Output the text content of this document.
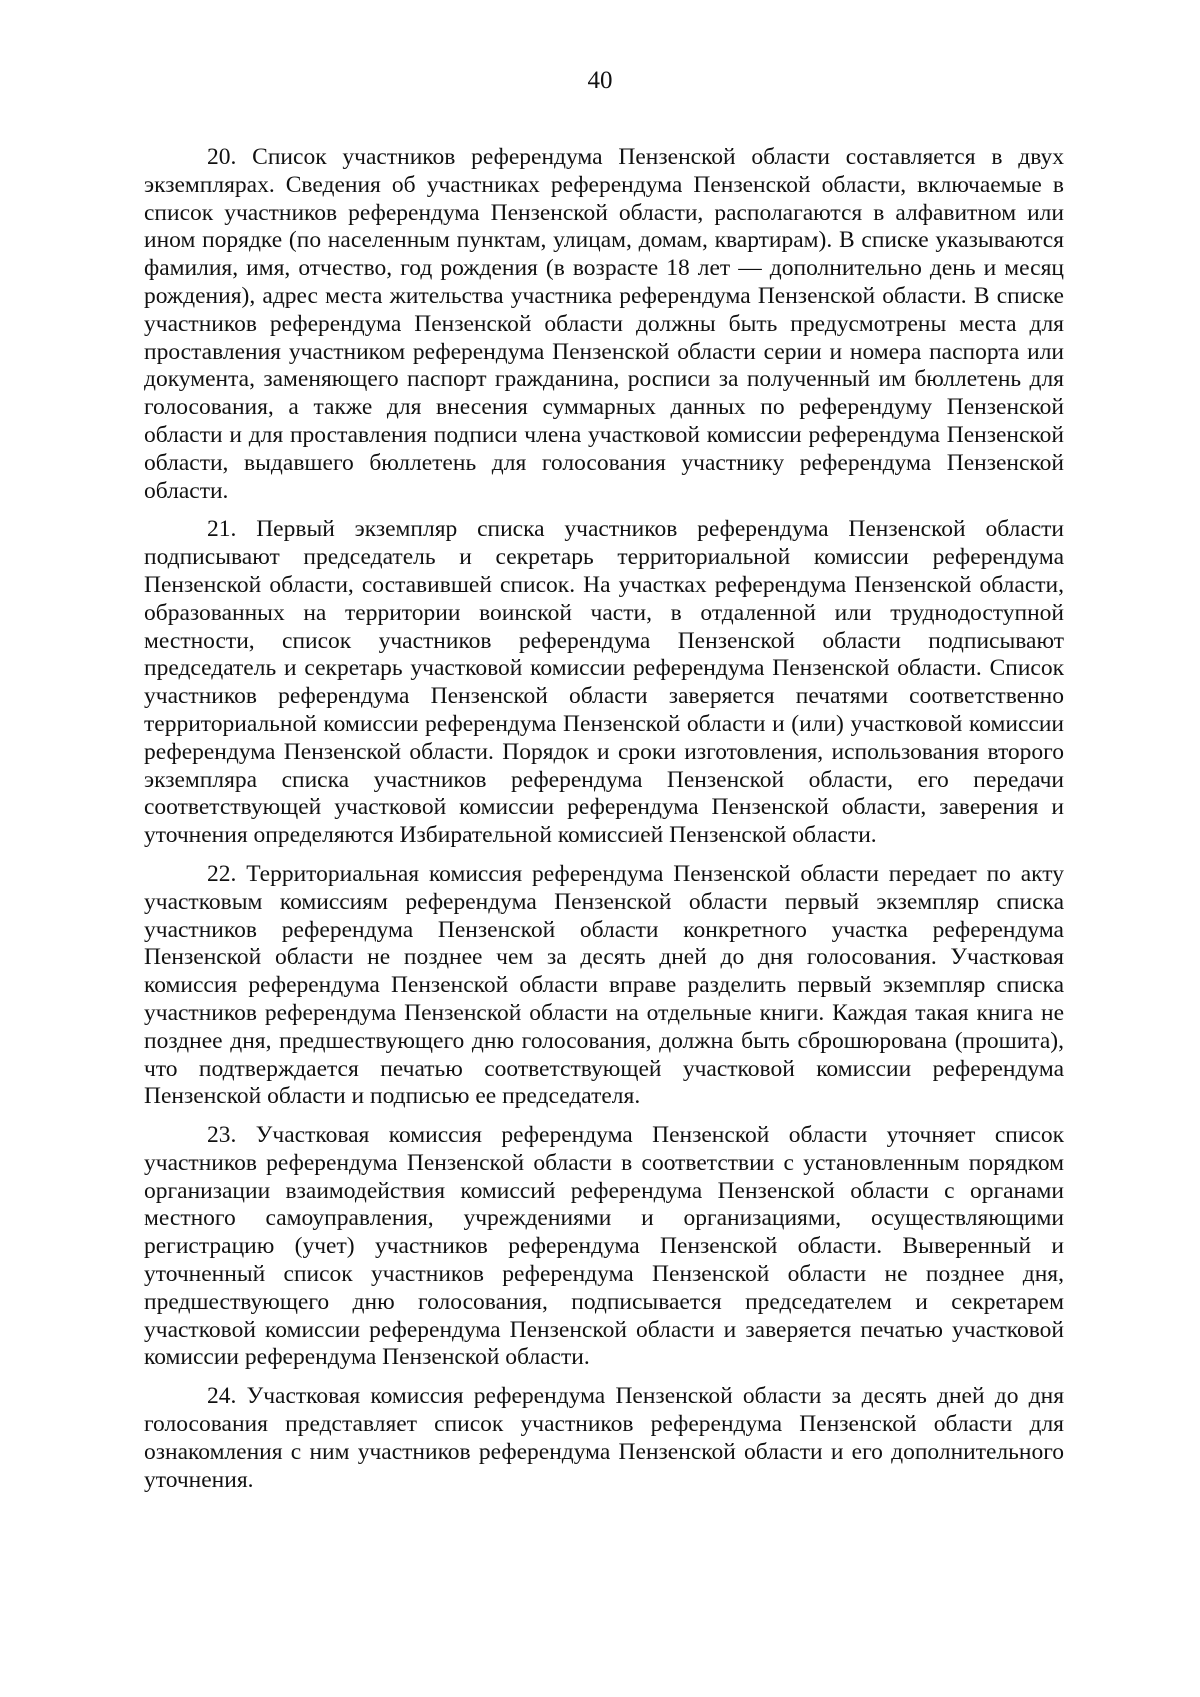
40

20. Список участников референдума Пензенской области составляется в двух экземплярах. Сведения об участниках референдума Пензенской области, включаемые в список участников референдума Пензенской области, располагаются в алфавитном или ином порядке (по населенным пунктам, улицам, домам, квартирам). В списке указываются фамилия, имя, отчество, год рождения (в возрасте 18 лет — дополнительно день и месяц рождения), адрес места жительства участника референдума Пензенской области. В списке участников референдума Пензенской области должны быть предусмотрены места для проставления участником референдума Пензенской области серии и номера паспорта или документа, заменяющего паспорт гражданина, росписи за полученный им бюллетень для голосования, а также для внесения суммарных данных по референдуму Пензенской области и для проставления подписи члена участковой комиссии референдума Пензенской области, выдавшего бюллетень для голосования участнику референдума Пензенской области.

21. Первый экземпляр списка участников референдума Пензенской области подписывают председатель и секретарь территориальной комиссии референдума Пензенской области, составившей список. На участках референдума Пензенской области, образованных на территории воинской части, в отдаленной или труднодоступной местности, список участников референдума Пензенской области подписывают председатель и секретарь участковой комиссии референдума Пензенской области. Список участников референдума Пензенской области заверяется печатями соответственно территориальной комиссии референдума Пензенской области и (или) участковой комиссии референдума Пензенской области. Порядок и сроки изготовления, использования второго экземпляра списка участников референдума Пензенской области, его передачи соответствующей участковой комиссии референдума Пензенской области, заверения и уточнения определяются Избирательной комиссией Пензенской области.

22. Территориальная комиссия референдума Пензенской области передает по акту участковым комиссиям референдума Пензенской области первый экземпляр списка участников референдума Пензенской области конкретного участка референдума Пензенской области не позднее чем за десять дней до дня голосования. Участковая комиссия референдума Пензенской области вправе разделить первый экземпляр списка участников референдума Пензенской области на отдельные книги. Каждая такая книга не позднее дня, предшествующего дню голосования, должна быть сброшюрована (прошита), что подтверждается печатью соответствующей участковой комиссии референдума Пензенской области и подписью ее председателя.

23. Участковая комиссия референдума Пензенской области уточняет список участников референдума Пензенской области в соответствии с установленным порядком организации взаимодействия комиссий референдума Пензенской области с органами местного самоуправления, учреждениями и организациями, осуществляющими регистрацию (учет) участников референдума Пензенской области. Выверенный и уточненный список участников референдума Пензенской области не позднее дня, предшествующего дню голосования, подписывается председателем и секретарем участковой комиссии референдума Пензенской области и заверяется печатью участковой комиссии референдума Пензенской области.

24. Участковая комиссия референдума Пензенской области за десять дней до дня голосования представляет список участников референдума Пензенской области для ознакомления с ним участников референдума Пензенской области и его дополнительного уточнения.
